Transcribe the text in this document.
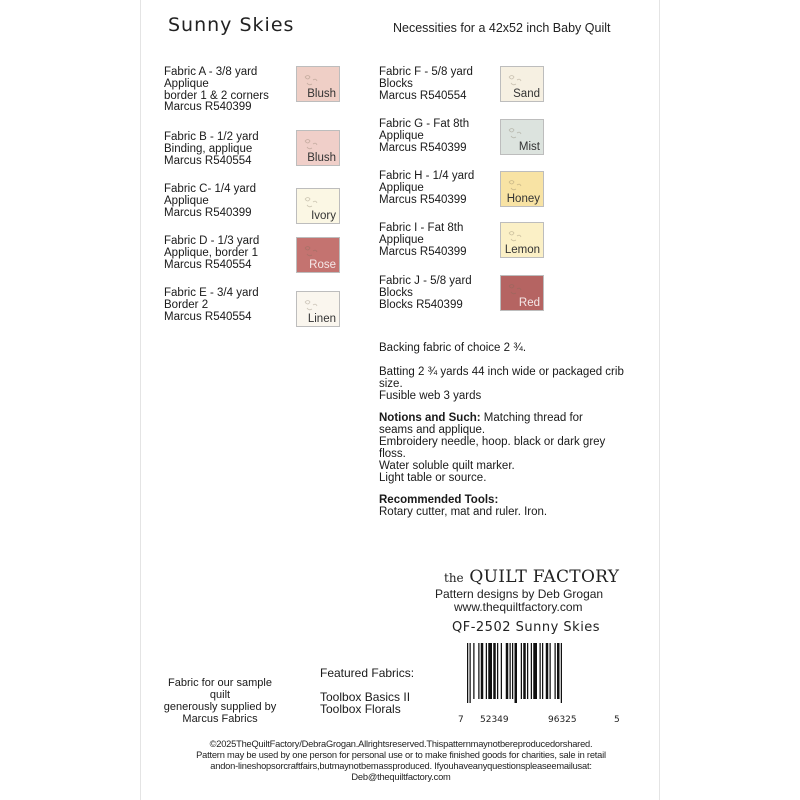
Sunny Skies	Necessities for a 42x52 inch Baby Quilt
Fabric A - 3/8 yard
Applique
border 1 & 2 corners
Marcus R540399
Blush
Fabric B - 1/2 yard
Binding, applique
Marcus R540554	Blush
Fabric C- 1/4 yard
Applique
Marcus R540399	Ivory
Fabric D - 1/3 yard
Applique, border 1
Marcus R540554	Rose
Fabric E - 3/4 yard
Border 2
Marcus R540554	Linen
Fabric F - 5/8 yard
Blocks
Marcus R540554	Sand
Fabric G - Fat 8th
Applique
Marcus R540399	Mist
Fabric H - 1/4 yard
Applique
Marcus R540399	Honey
Fabric I - Fat 8th
Applique
Marcus R540399	Lemon
Fabric J - 5/8 yard
Blocks
Blocks R540399	Red
Backing fabric of choice 2 ¾.
Batting 2 ¾ yards 44 inch wide or packaged crib
size.
Fusible web 3 yards
Notions and Such: Matching thread for
seams and applique.
Embroidery needle, hoop. black or dark grey
floss.
Water soluble quilt marker.
Light table or source.
Recommended Tools:
Rotary cutter, mat and ruler. Iron.
the QUILT FACTORY
Pattern designs by Deb Grogan
www.thequiltfactory.com
QF-2502 Sunny Skies
7 52349	96325	5
Fabric for our sample quilt
generously supplied by
Marcus Fabrics
Featured Fabrics:
Toolbox Basics II
Toolbox Florals
©2025TheQuiltFactory/DebraGrogan.Allrightsreserved.Thispatternmaynotbereproducedorshared.
Pattern may be used by one person for personal use or to make finished goods for charities, sale in retail
andon-lineshopsorcraftfairs,butmaynotbemassproduced. Ifyouhaveanyquestionspleaseemailusat:
Deb@thequiltfactory.com
